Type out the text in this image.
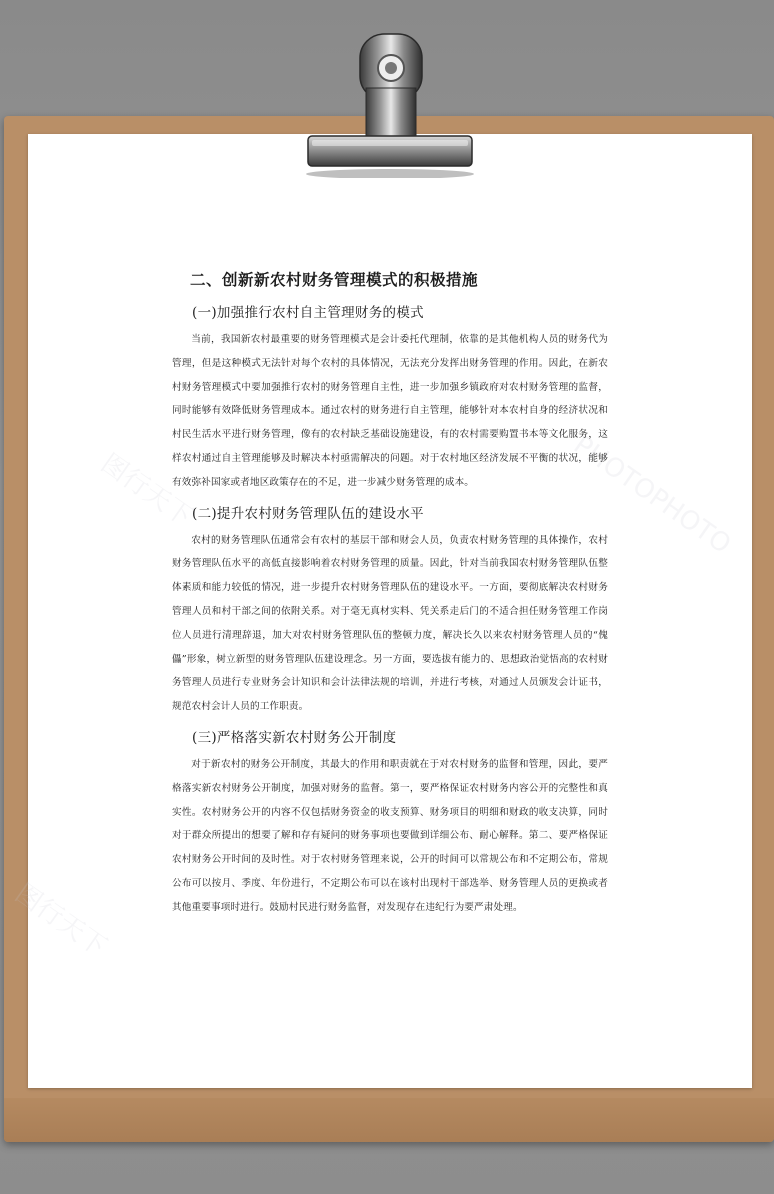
二、创新新农村财务管理模式的积极措施
(一)加强推行农村自主管理财务的模式

当前，我国新农村最重要的财务管理模式是会计委托代理制，依靠的是其他机构人员的财务代为管理，但是这种模式无法针对每个农村的具体情况，无法充分发挥出财务管理的作用。因此，在新农村财务管理模式中要加强推行农村的财务管理自主性，进一步加强乡镇政府对农村财务管理的监督，同时能够有效降低财务管理成本。通过农村的财务进行自主管理，能够针对本农村自身的经济状况和村民生活水平进行财务管理，像有的农村缺乏基础设施建设，有的农村需要购置书本等文化服务，这样农村通过自主管理能够及时解决本村亟需解决的问题。对于农村地区经济发展不平衡的状况，能够有效弥补国家或者地区政策存在的不足，进一步减少财务管理的成本。

(二)提升农村财务管理队伍的建设水平

农村的财务管理队伍通常会有农村的基层干部和财会人员，负责农村财务管理的具体操作，农村财务管理队伍水平的高低直接影响着农村财务管理的质量。因此，针对当前我国农村财务管理队伍整体素质和能力较低的情况，进一步提升农村财务管理队伍的建设水平。一方面，要彻底解决农村财务管理人员和村干部之间的依附关系。对于毫无真材实料、凭关系走后门的不适合担任财务管理工作岗位人员进行清理辞退，加大对农村财务管理队伍的整顿力度，解决长久以来农村财务管理人员的“傀儡”形象，树立新型的财务管理队伍建设理念。另一方面，要选拔有能力的、思想政治觉悟高的农村财务管理人员进行专业财务会计知识和会计法律法规的培训，并进行考核，对通过人员颁发会计证书，规范农村会计人员的工作职责。

(三)严格落实新农村财务公开制度

对于新农村的财务公开制度，其最大的作用和职责就在于对农村财务的监督和管理，因此，要严格落实新农村财务公开制度，加强对财务的监督。第一，要严格保证农村财务内容公开的完整性和真实性。农村财务公开的内容不仅包括财务资金的收支预算、财务项目的明细和财政的收支决算，同时对于群众所提出的想要了解和存有疑问的财务事项也要做到详细公布、耐心解释。第二、要严格保证农村财务公开时间的及时性。对于农村财务管理来说，公开的时间可以常规公布和不定期公布，常规公布可以按月、季度、年份进行，不定期公布可以在该村出现村干部选举、财务管理人员的更换或者其他重要事项时进行。鼓励村民进行财务监督，对发现存在违纪行为要严肃处理。
